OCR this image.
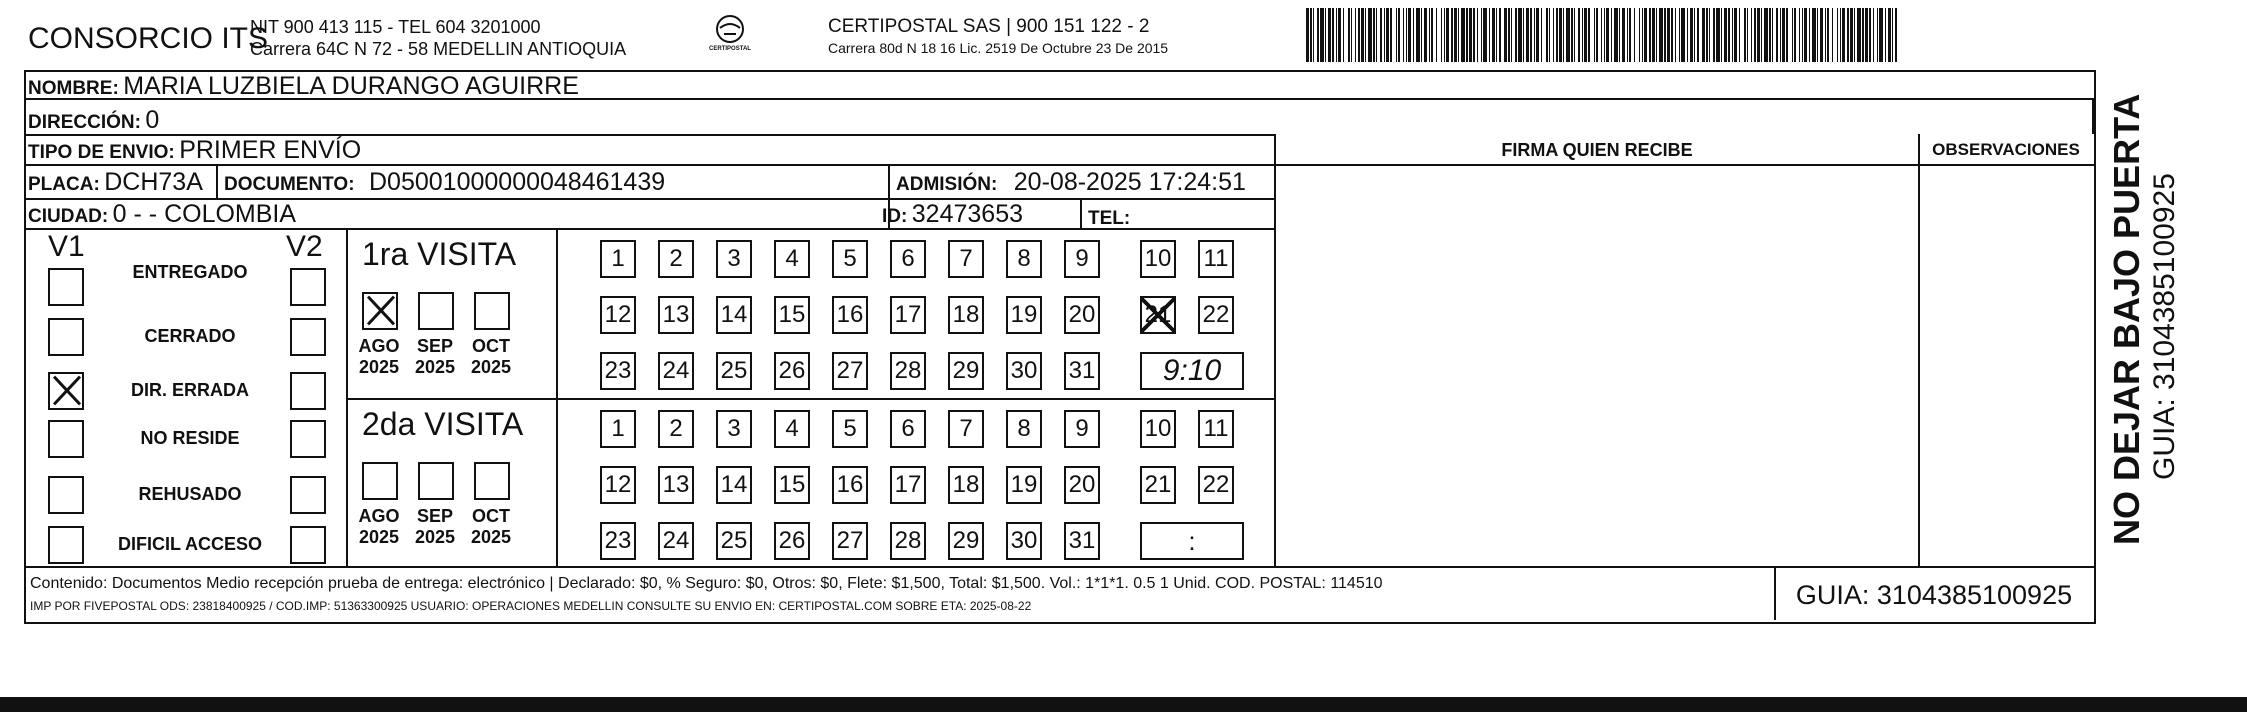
CONSORCIO ITS
NIT 900 413 115 - TEL 604 3201000
Carrera 64C N 72 - 58 MEDELLIN ANTIOQUIA	CERTIPOSTAL
CERTIPOSTAL SAS | 900 151 122 - 2
Carrera 80d N 18 16 Lic. 2519 De Octubre 23 De 2015
NOMBRE: MARIA LUZBIELA DURANGO AGUIRRE
DIRECCIÓN: 0
TIPO DE ENVIO: PRIMER ENVÍO	FIRMA QUIEN RECIBE	OBSERVACIONES
PLACA: DCH73A DOCUMENTO: D05001000000048461439	ADMISIÓN: 20-08-2025 17:24:51
CIUDAD: 0 - - COLOMBIA	ID: 32473653	TEL:
V1	V2
ENTREGADO
CERRADO
DIR. ERRADA
NO RESIDE
REHUSADO
DIFICIL ACCESO
1ra VISITA
AGO
2025
SEP
2025
OCT
2025
1	2	3	4	5	6	7	8	9	10 11
12 13 14 15 16 17 18 19 20 21 22
23 24 25 26 27 28 29 30 31	9:10
2da VISITA
AGO
2025
SEP
2025
OCT
2025
1	2	3	4	5	6	7	8	9	10 11
12 13 14 15 16 17 18 19 20 21 22
23 24 25 26 27 28 29 30 31	:
Contenido: Documentos Medio recepción prueba de entrega: electrónico | Declarado: $0, % Seguro: $0, Otros: $0, Flete: $1,500, Total: $1,500. Vol.: 1*1*1. 0.5 1 Unid. COD. POSTAL: 114510
IMP POR FIVEPOSTAL ODS: 23818400925 / COD.IMP: 51363300925 USUARIO: OPERACIONES MEDELLIN CONSULTE SU ENVIO EN: CERTIPOSTAL.COM SOBRE ETA: 2025-08-22	GUIA: 3104385100925
NO DEJAR BAJO PUERTA GUIA: 3104385100925
